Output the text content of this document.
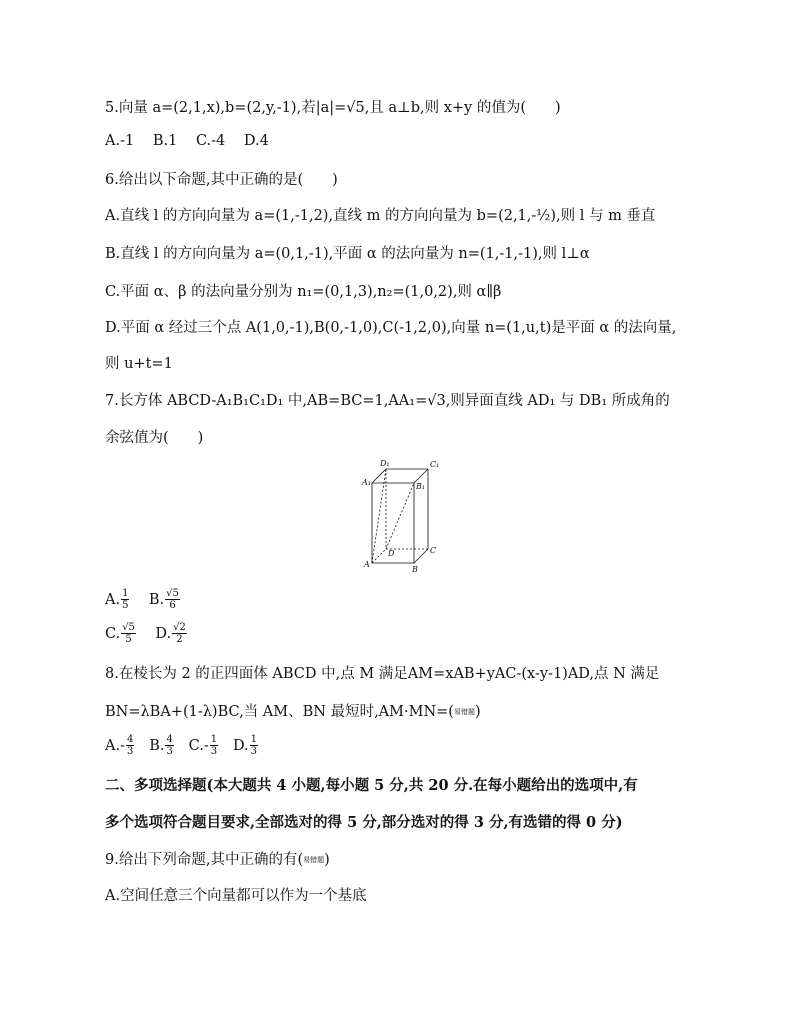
5.向量 a=(2,1,x),b=(2,y,-1),若|a|=√5,且 a⊥b,则 x+y 的值为(　　)
A.-1 B.1 C.-4 D.4
6.给出以下命题,其中正确的是(　　)
A.直线 l 的方向向量为 a=(1,-1,2),直线 m 的方向向量为 b=(2,1,-½),则 l 与 m 垂直
B.直线 l 的方向向量为 a=(0,1,-1),平面 α 的法向量为 n=(1,-1,-1),则 l⊥α
C.平面 α、β 的法向量分别为 n₁=(0,1,3),n₂=(1,0,2),则 α∥β
D.平面 α 经过三个点 A(1,0,-1),B(0,-1,0),C(-1,2,0),向量 n=(1,u,t)是平面 α 的法向量,
则 u+t=1
7.长方体 ABCD-A₁B₁C₁D₁ 中,AB=BC=1,AA₁=√3,则异面直线 AD₁ 与 DB₁ 所成角的
余弦值为(　　)
D₁	C₁
A₁	B₁
D	C
A
B
A. $\frac{1}{5} B$. $\frac{√5}{6}$
C. $\frac{√5}{5} D$. $\frac{√2}{2}$
8.在棱长为 2 的正四面体 ABCD 中,点 M 满足AM=xAB+yAC-(x-y-1)AD,点 N 满足
BN=λBA+(1-λ)BC,当 AM、BN 最短时,AM·MN=(易错题)
$A.- \frac{4}{3} B$. $\frac{4}{3} C.- \frac{1}{3} D$. $\frac{1}{3}$
二、多项选择题(本大题共 4 小题,每小题 5 分,共 20 分.在每小题给出的选项中,有
多个选项符合题目要求,全部选对的得 5 分,部分选对的得 3 分,有选错的得 0 分)
9.给出下列命题,其中正确的有(易错题)
A.空间任意三个向量都可以作为一个基底
